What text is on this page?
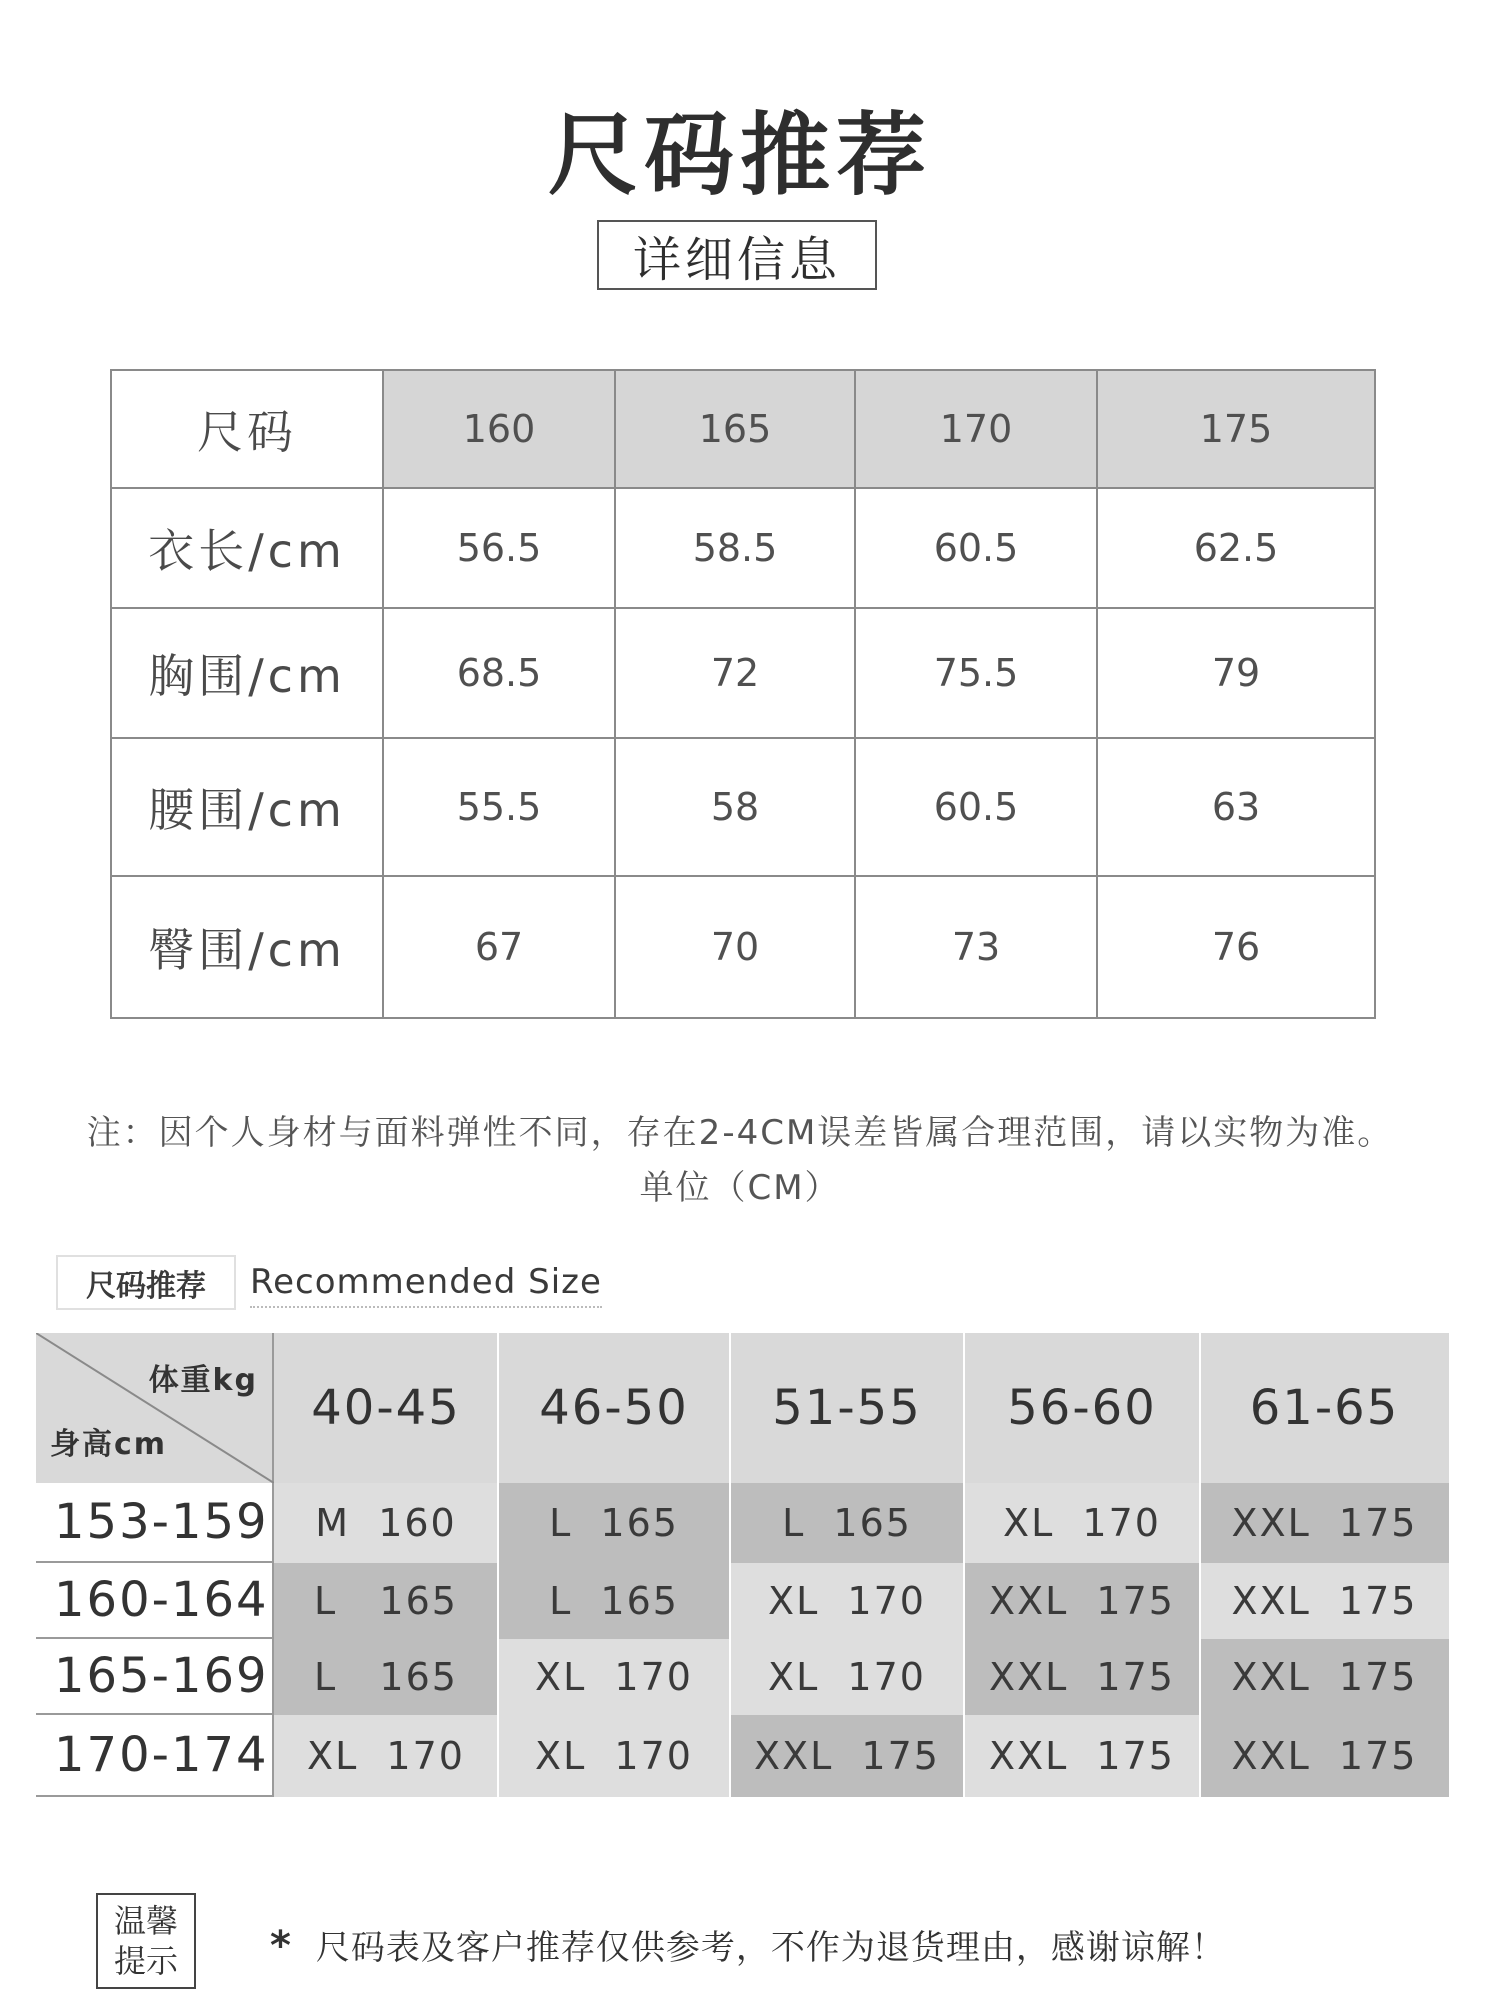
尺码推荐
详细信息
尺码	160	165	170	175
衣长/cm	56.5	58.5	60.5	62.5
胸围/cm	68.5	72	75.5	79
腰围/cm	55.5	58	60.5	63
臀围/cm	67	70	73	76
注：因个人身材与面料弹性不同，存在2-4CM误差皆属合理范围，请以实物为准。
单位（CM）
尺码推荐	Recommended Size
体重kg
身高cm
40-45	46-50	51-55	56-60	61-65
153-159	M  160	L  165	L  165	XL  170	XXL  175
160-164	L   165	L  165	XL  170	XXL  175	XXL  175
165-169	L   165	XL  170	XL  170	XXL  175	XXL  175
170-174	XL  170	XL  170	XXL  175	XXL  175	XXL  175
温馨
提示 * 尺码表及客户推荐仅供参考，不作为退货理由，感谢谅解！
